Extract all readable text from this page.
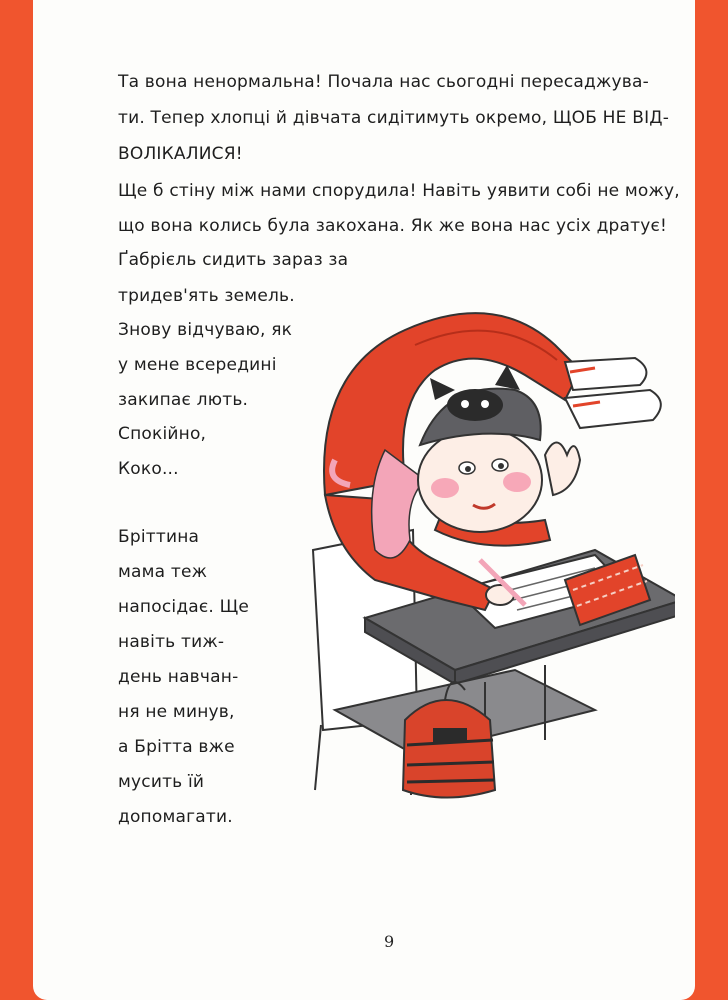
Та вона ненормальна! Почала нас сьогодні пересаджува-
ти. Тепер хлопці й дівчата сидітимуть окремо, ЩОБ НЕ ВІД-
ВОЛІКАЛИСЯ!
Ще б стіну між нами спорудила! Навіть уявити собі не можу,
що вона колись була закохана. Як же вона нас усіх дратує!
Ґабрієль сидить зараз за
тридев'ять земель.
Знову відчуваю, як
у мене всередині
закипає лють.
Спокійно,
Коко...
Бріттина
мама теж
напосідає. Ще
навіть тиж-
день навчан-
ня не минув,
а Брітта вже
мусить їй
допомагати.
9
